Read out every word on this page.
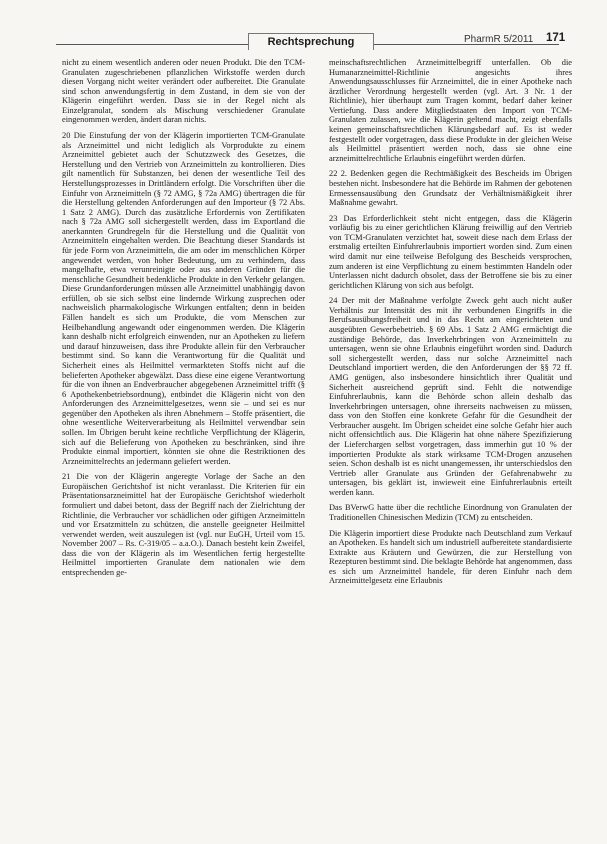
Rechtsprechung	PharmR 5/2011 171

nicht zu einem wesentlich anderen oder neuen Produkt. Die den TCM-Granulaten zugeschriebenen pflanzlichen Wirkstoffe werden durch diesen Vorgang nicht weiter verändert oder aufbereitet. Die Granulate sind schon anwendungsfertig in dem Zustand, in dem sie von der Klägerin eingeführt werden. Dass sie in der Regel nicht als Einzelgranulat, sondern als Mischung verschiedener Granulate eingenommen werden, ändert daran nichts.

20 Die Einstufung der von der Klägerin importierten TCM-Granulate als Arzneimittel und nicht lediglich als Vorprodukte zu einem Arzneimittel gebietet auch der Schutzzweck des Gesetzes, die Herstellung und den Vertrieb von Arzneimitteln zu kontrollieren. Dies gilt namentlich für Substanzen, bei denen der wesentliche Teil des Herstellungsprozesses in Drittländern erfolgt. Die Vorschriften über die Einfuhr von Arzneimitteln (§ 72 AMG, § 72a AMG) übertragen die für die Herstellung geltenden Anforderungen auf den Importeur (§ 72 Abs. 1 Satz 2 AMG). Durch das zusätzliche Erfordernis von Zertifikaten nach § 72a AMG soll sichergestellt werden, dass im Exportland die anerkannten Grundregeln für die Herstellung und die Qualität von Arzneimitteln eingehalten werden. Die Beachtung dieser Standards ist für jede Form von Arzneimitteln, die am oder im menschlichen Körper angewendet werden, von hoher Bedeutung, um zu verhindern, dass mangelhafte, etwa verunreinigte oder aus anderen Gründen für die menschliche Gesundheit bedenkliche Produkte in den Verkehr gelangen. Diese Grundanforderungen müssen alle Arzneimittel unabhängig davon erfüllen, ob sie sich selbst eine lindernde Wirkung zusprechen oder nachweislich pharmakologische Wirkungen entfalten; denn in beiden Fällen handelt es sich um Produkte, die vom Menschen zur Heilbehandlung angewandt oder eingenommen werden. Die Klägerin kann deshalb nicht erfolgreich einwenden, nur an Apotheken zu liefern und darauf hinzuweisen, dass ihre Produkte allein für den Verbraucher bestimmt sind. So kann die Verantwortung für die Qualität und Sicherheit eines als Heilmittel vermarkteten Stoffs nicht auf die belieferten Apotheker abgewälzt. Dass diese eine eigene Verantwortung für die von ihnen an Endverbraucher abgegebenen Arzneimittel trifft (§ 6 Apothekenbetriebsordnung), entbindet die Klägerin nicht von den Anforderungen des Arzneimittelgesetzes, wenn sie – und sei es nur gegenüber den Apotheken als ihren Abnehmern – Stoffe präsentiert, die ohne wesentliche Weiterverarbeitung als Heilmittel verwendbar sein sollen. Im Übrigen beruht keine rechtliche Verpflichtung der Klägerin, sich auf die Belieferung von Apotheken zu beschränken, sind ihre Produkte einmal importiert, könnten sie ohne die Restriktionen des Arzneimittelrechts an jedermann geliefert werden.

21 Die von der Klägerin angeregte Vorlage der Sache an den Europäischen Gerichtshof ist nicht veranlasst. Die Kriterien für ein Präsentationsarzneimittel hat der Europäische Gerichtshof wiederholt formuliert und dabei betont, dass der Begriff nach der Zielrichtung der Richtlinie, die Verbraucher vor schädlichen oder giftigen Arzneimitteln und vor Ersatzmitteln zu schützen, die anstelle geeigneter Heilmittel verwendet werden, weit auszulegen ist (vgl. nur EuGH, Urteil vom 15. November 2007 – Rs. C-319/05 – a.a.O.). Danach besteht kein Zweifel, dass die von der Klägerin als im Wesentlichen fertig hergestellte Heilmittel importierten Granulate dem nationalen wie dem entsprechenden ge-

meinschaftsrechtlichen Arzneimittelbegriff unterfallen. Ob die Humanarzneimittel-Richtlinie angesichts ihres Anwendungsausschlusses für Arzneimittel, die in einer Apotheke nach ärztlicher Verordnung hergestellt werden (vgl. Art. 3 Nr. 1 der Richtlinie), hier überhaupt zum Tragen kommt, bedarf daher keiner Vertiefung. Dass andere Mitgliedstaaten den Import von TCM-Granulaten zulassen, wie die Klägerin geltend macht, zeigt ebenfalls keinen gemeinschaftsrechtlichen Klärungsbedarf auf. Es ist weder festgestellt oder vorgetragen, dass diese Produkte in der gleichen Weise als Heilmittel präsentiert werden noch, dass sie ohne eine arzneimittelrechtliche Erlaubnis eingeführt werden dürfen.

22 2. Bedenken gegen die Rechtmäßigkeit des Bescheids im Übrigen bestehen nicht. Insbesondere hat die Behörde im Rahmen der gebotenen Ermessensausübung den Grundsatz der Verhältnismäßigkeit ihrer Maßnahme gewahrt.

23 Das Erforderlichkeit steht nicht entgegen, dass die Klägerin vorläufig bis zu einer gerichtlichen Klärung freiwillig auf den Vertrieb von TCM-Granulaten verzichtet hat, soweit diese nach dem Erlass der erstmalig erteilten Einfuhrerlaubnis importiert worden sind. Zum einen wird damit nur eine teilweise Befolgung des Bescheids versprochen, zum anderen ist eine Verpflichtung zu einem bestimmten Handeln oder Unterlassen nicht dadurch obsolet, dass der Betroffene sie bis zu einer gerichtlichen Klärung von sich aus befolgt.

24 Der mit der Maßnahme verfolgte Zweck geht auch nicht außer Verhältnis zur Intensität des mit ihr verbundenen Eingriffs in die Berufsausübungsfreiheit und in das Recht am eingerichteten und ausgeübten Gewerbebetrieb. § 69 Abs. 1 Satz 2 AMG ermächtigt die zuständige Behörde, das Inverkehrbringen von Arzneimitteln zu untersagen, wenn sie ohne Erlaubnis eingeführt worden sind. Dadurch soll sichergestellt werden, dass nur solche Arzneimittel nach Deutschland importiert werden, die den Anforderungen der §§ 72 ff. AMG genügen, also insbesondere hinsichtlich ihrer Qualität und Sicherheit ausreichend geprüft sind. Fehlt die notwendige Einfuhrerlaubnis, kann die Behörde schon allein deshalb das Inverkehrbringen untersagen, ohne ihrerseits nachweisen zu müssen, dass von den Stoffen eine konkrete Gefahr für die Gesundheit der Verbraucher ausgeht. Im Übrigen scheidet eine solche Gefahr hier auch nicht offensichtlich aus. Die Klägerin hat ohne nähere Spezifizierung der Lieferchargen selbst vorgetragen, dass immerhin gut 10 % der importierten Produkte als stark wirksame TCM-Drogen anzusehen seien. Schon deshalb ist es nicht unangemessen, ihr unterschiedslos den Vertrieb aller Granulate aus Gründen der Gefahrenabwehr zu untersagen, bis geklärt ist, inwieweit eine Einfuhrerlaubnis erteilt werden kann.

Das BVerwG hatte über die rechtliche Einordnung von Granulaten der Traditionellen Chinesischen Medizin (TCM) zu entscheiden.

Die Klägerin importiert diese Produkte nach Deutschland zum Verkauf an Apotheken. Es handelt sich um industriell aufbereitete standardisierte Extrakte aus Kräutern und Gewürzen, die zur Herstellung von Rezepturen bestimmt sind. Die beklagte Behörde hat angenommen, dass es sich um Arzneimittel handele, für deren Einfuhr nach dem Arzneimittelgesetz eine Erlaubnis
